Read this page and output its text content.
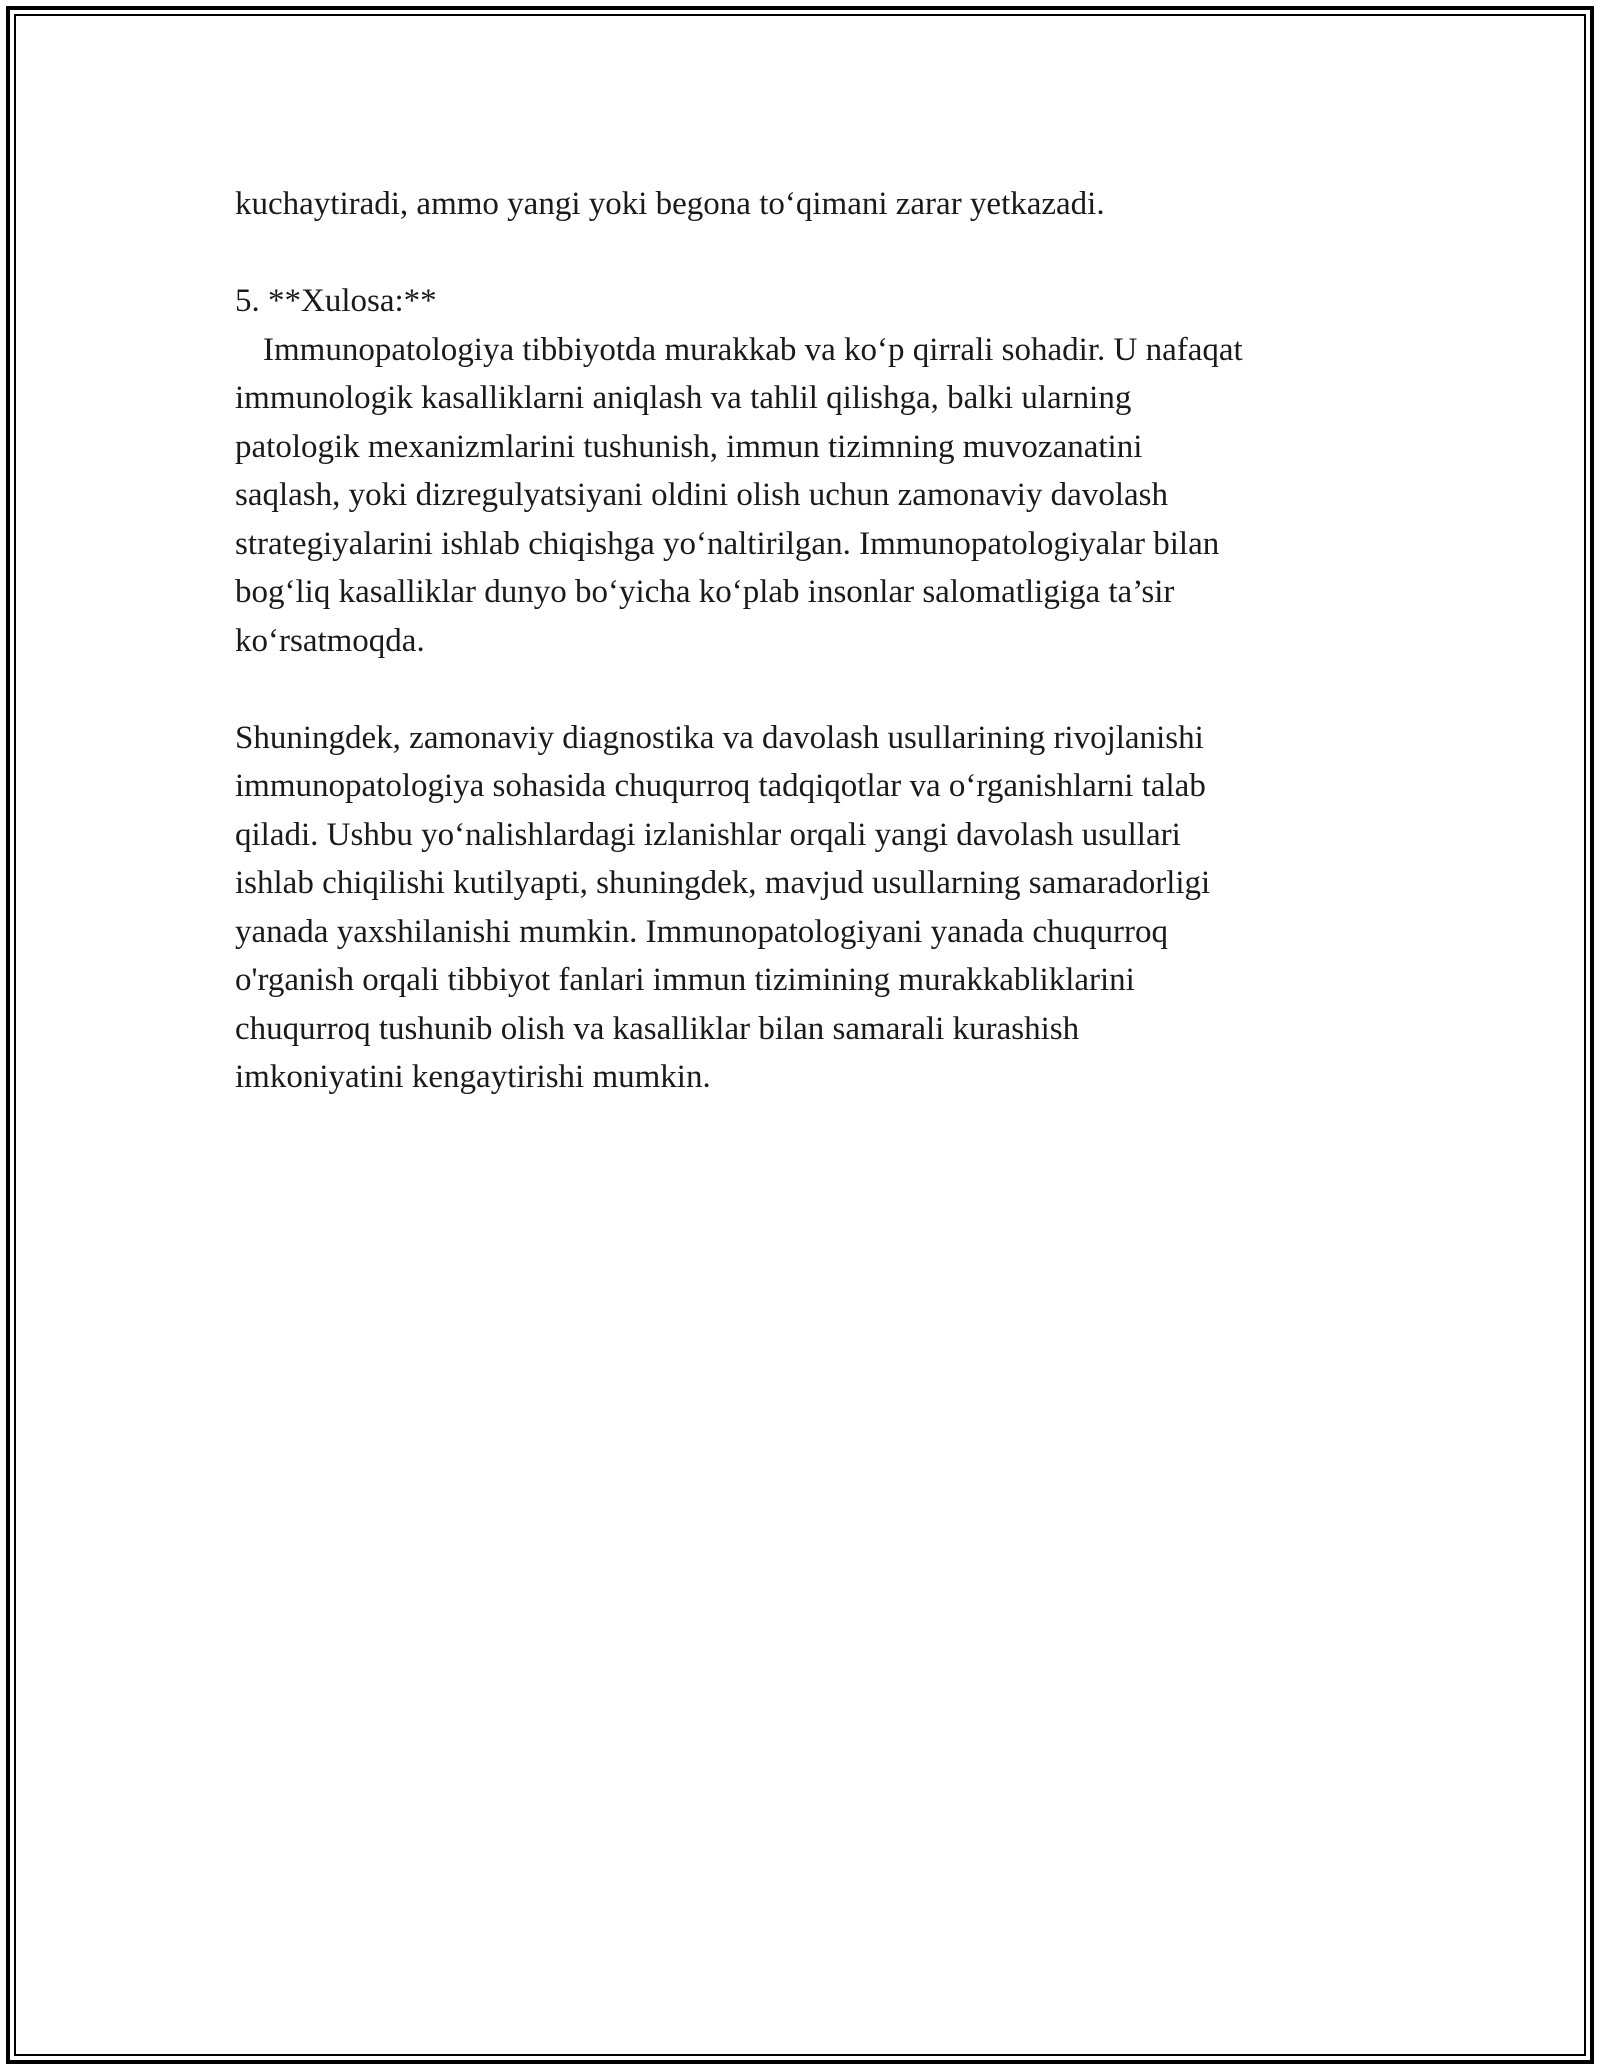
kuchaytiradi, ammo yangi yoki begona to‘qimani zarar yetkazadi.
5. **Xulosa:**
Immunopatologiya tibbiyotda murakkab va ko‘p qirrali sohadir. U nafaqat
immunologik kasalliklarni aniqlash va tahlil qilishga, balki ularning
patologik mexanizmlarini tushunish, immun tizimning muvozanatini
saqlash, yoki dizregulyatsiyani oldini olish uchun zamonaviy davolash
strategiyalarini ishlab chiqishga yo‘naltirilgan. Immunopatologiyalar bilan
bog‘liq kasalliklar dunyo bo‘yicha ko‘plab insonlar salomatligiga ta’sir
ko‘rsatmoqda.
Shuningdek, zamonaviy diagnostika va davolash usullarining rivojlanishi
immunopatologiya sohasida chuqurroq tadqiqotlar va o‘rganishlarni talab
qiladi. Ushbu yo‘nalishlardagi izlanishlar orqali yangi davolash usullari
ishlab chiqilishi kutilyapti, shuningdek, mavjud usullarning samaradorligi
yanada yaxshilanishi mumkin. Immunopatologiyani yanada chuqurroq
o'rganish orqali tibbiyot fanlari immun tizimining murakkabliklarini
chuqurroq tushunib olish va kasalliklar bilan samarali kurashish
imkoniyatini kengaytirishi mumkin.
